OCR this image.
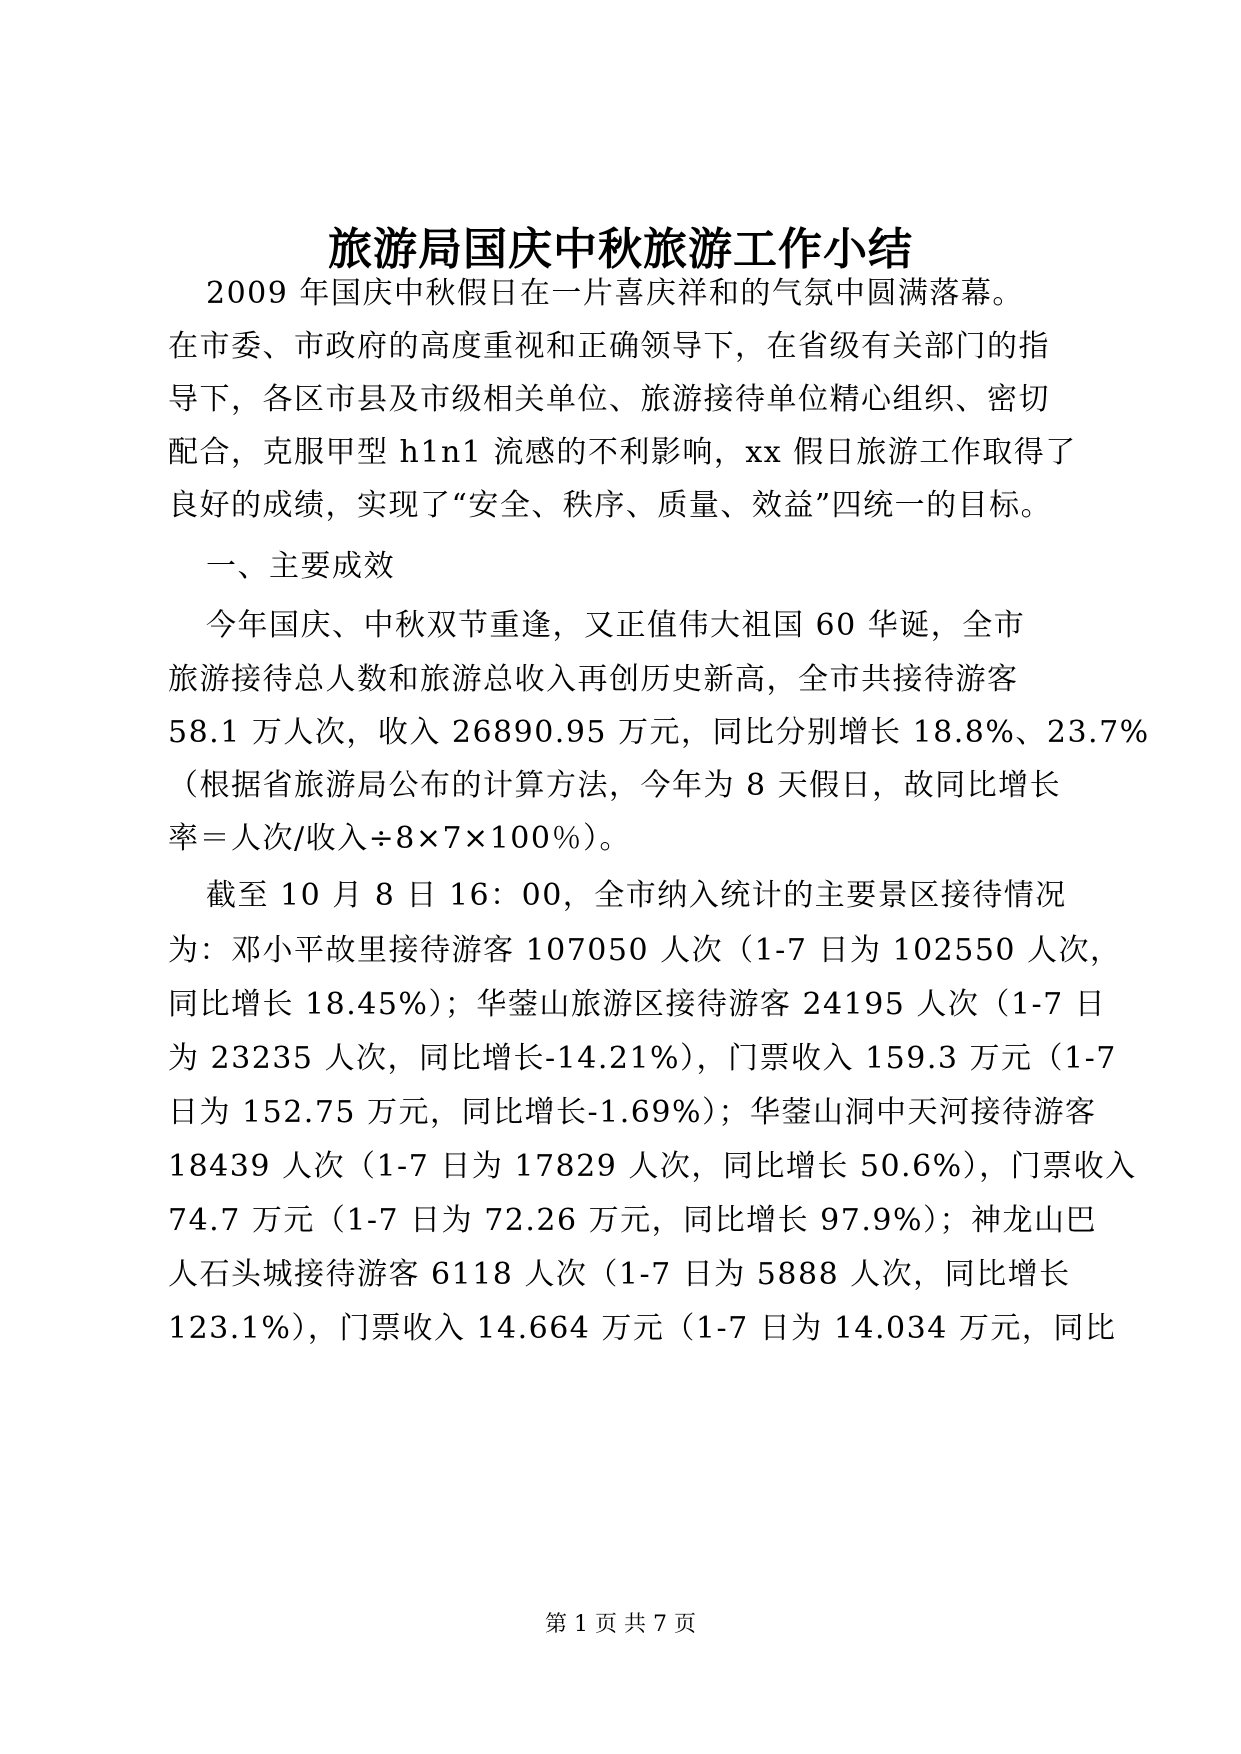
旅游局国庆中秋旅游工作小结
2009 年国庆中秋假日在一片喜庆祥和的气氛中圆满落幕。
在市委、市政府的高度重视和正确领导下，在省级有关部门的指
导下，各区市县及市级相关单位、旅游接待单位精心组织、密切
配合，克服甲型 h1n1 流感的不利影响，xx 假日旅游工作取得了
良好的成绩，实现了“安全、秩序、质量、效益”四统一的目标。
一、主要成效
今年国庆、中秋双节重逢，又正值伟大祖国 60 华诞，全市
旅游接待总人数和旅游总收入再创历史新高，全市共接待游客
58.1 万人次，收入 26890.95 万元，同比分别增长 18.8%、23.7%
（根据省旅游局公布的计算方法，今年为 8 天假日，故同比增长
率＝人次/收入÷8×7×100％）。
截至 10 月 8 日 16：00，全市纳入统计的主要景区接待情况
为：邓小平故里接待游客 107050 人次（1-7 日为 102550 人次，
同比增长 18.45%）；华蓥山旅游区接待游客 24195 人次（1-7 日
为 23235 人次，同比增长-14.21%），门票收入 159.3 万元（1-7
日为 152.75 万元，同比增长-1.69%）；华蓥山洞中天河接待游客
18439 人次（1-7 日为 17829 人次，同比增长 50.6%），门票收入
74.7 万元（1-7 日为 72.26 万元，同比增长 97.9%）；神龙山巴
人石头城接待游客 6118 人次（1-7 日为 5888 人次，同比增长
123.1%），门票收入 14.664 万元（1-7 日为 14.034 万元，同比
第 1 页 共 7 页
